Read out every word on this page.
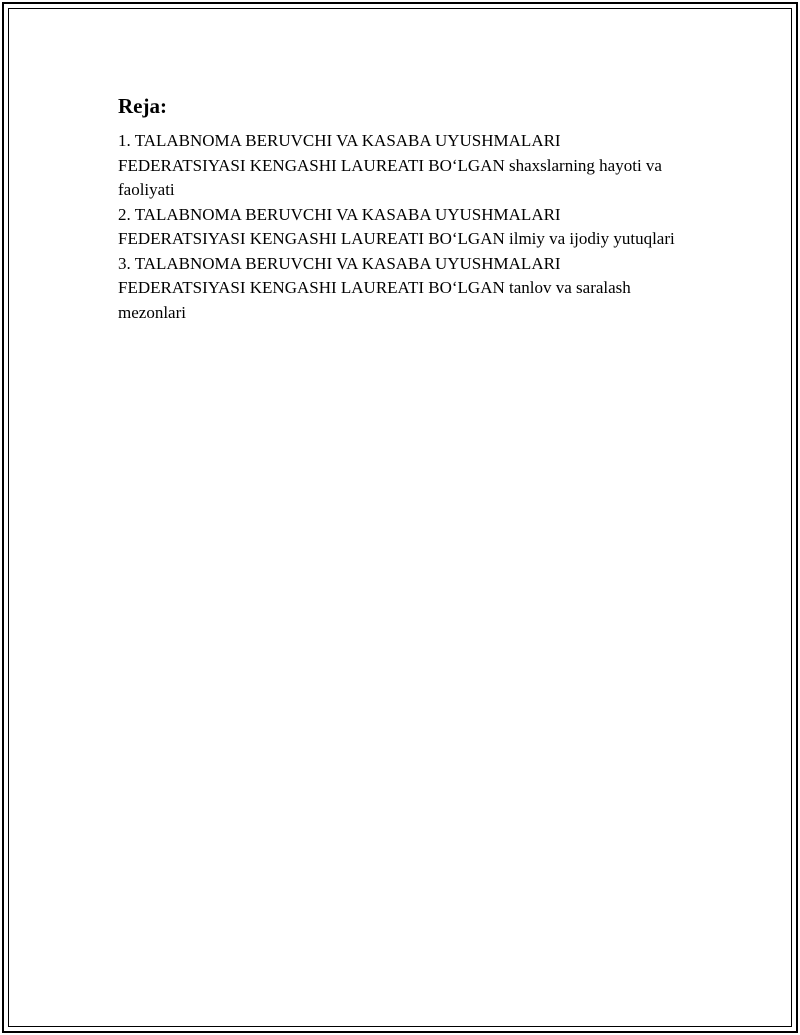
Reja:
1. TALABNOMA BERUVCHI VA KASABA UYUSHMALARI FEDERATSIYASI KENGASHI LAUREATI BO‘LGAN shaxslarning hayoti va faoliyati
2. TALABNOMA BERUVCHI VA KASABA UYUSHMALARI FEDERATSIYASI KENGASHI LAUREATI BO‘LGAN ilmiy va ijodiy yutuqlari
3. TALABNOMA BERUVCHI VA KASABA UYUSHMALARI FEDERATSIYASI KENGASHI LAUREATI BO‘LGAN tanlov va saralash mezonlari
